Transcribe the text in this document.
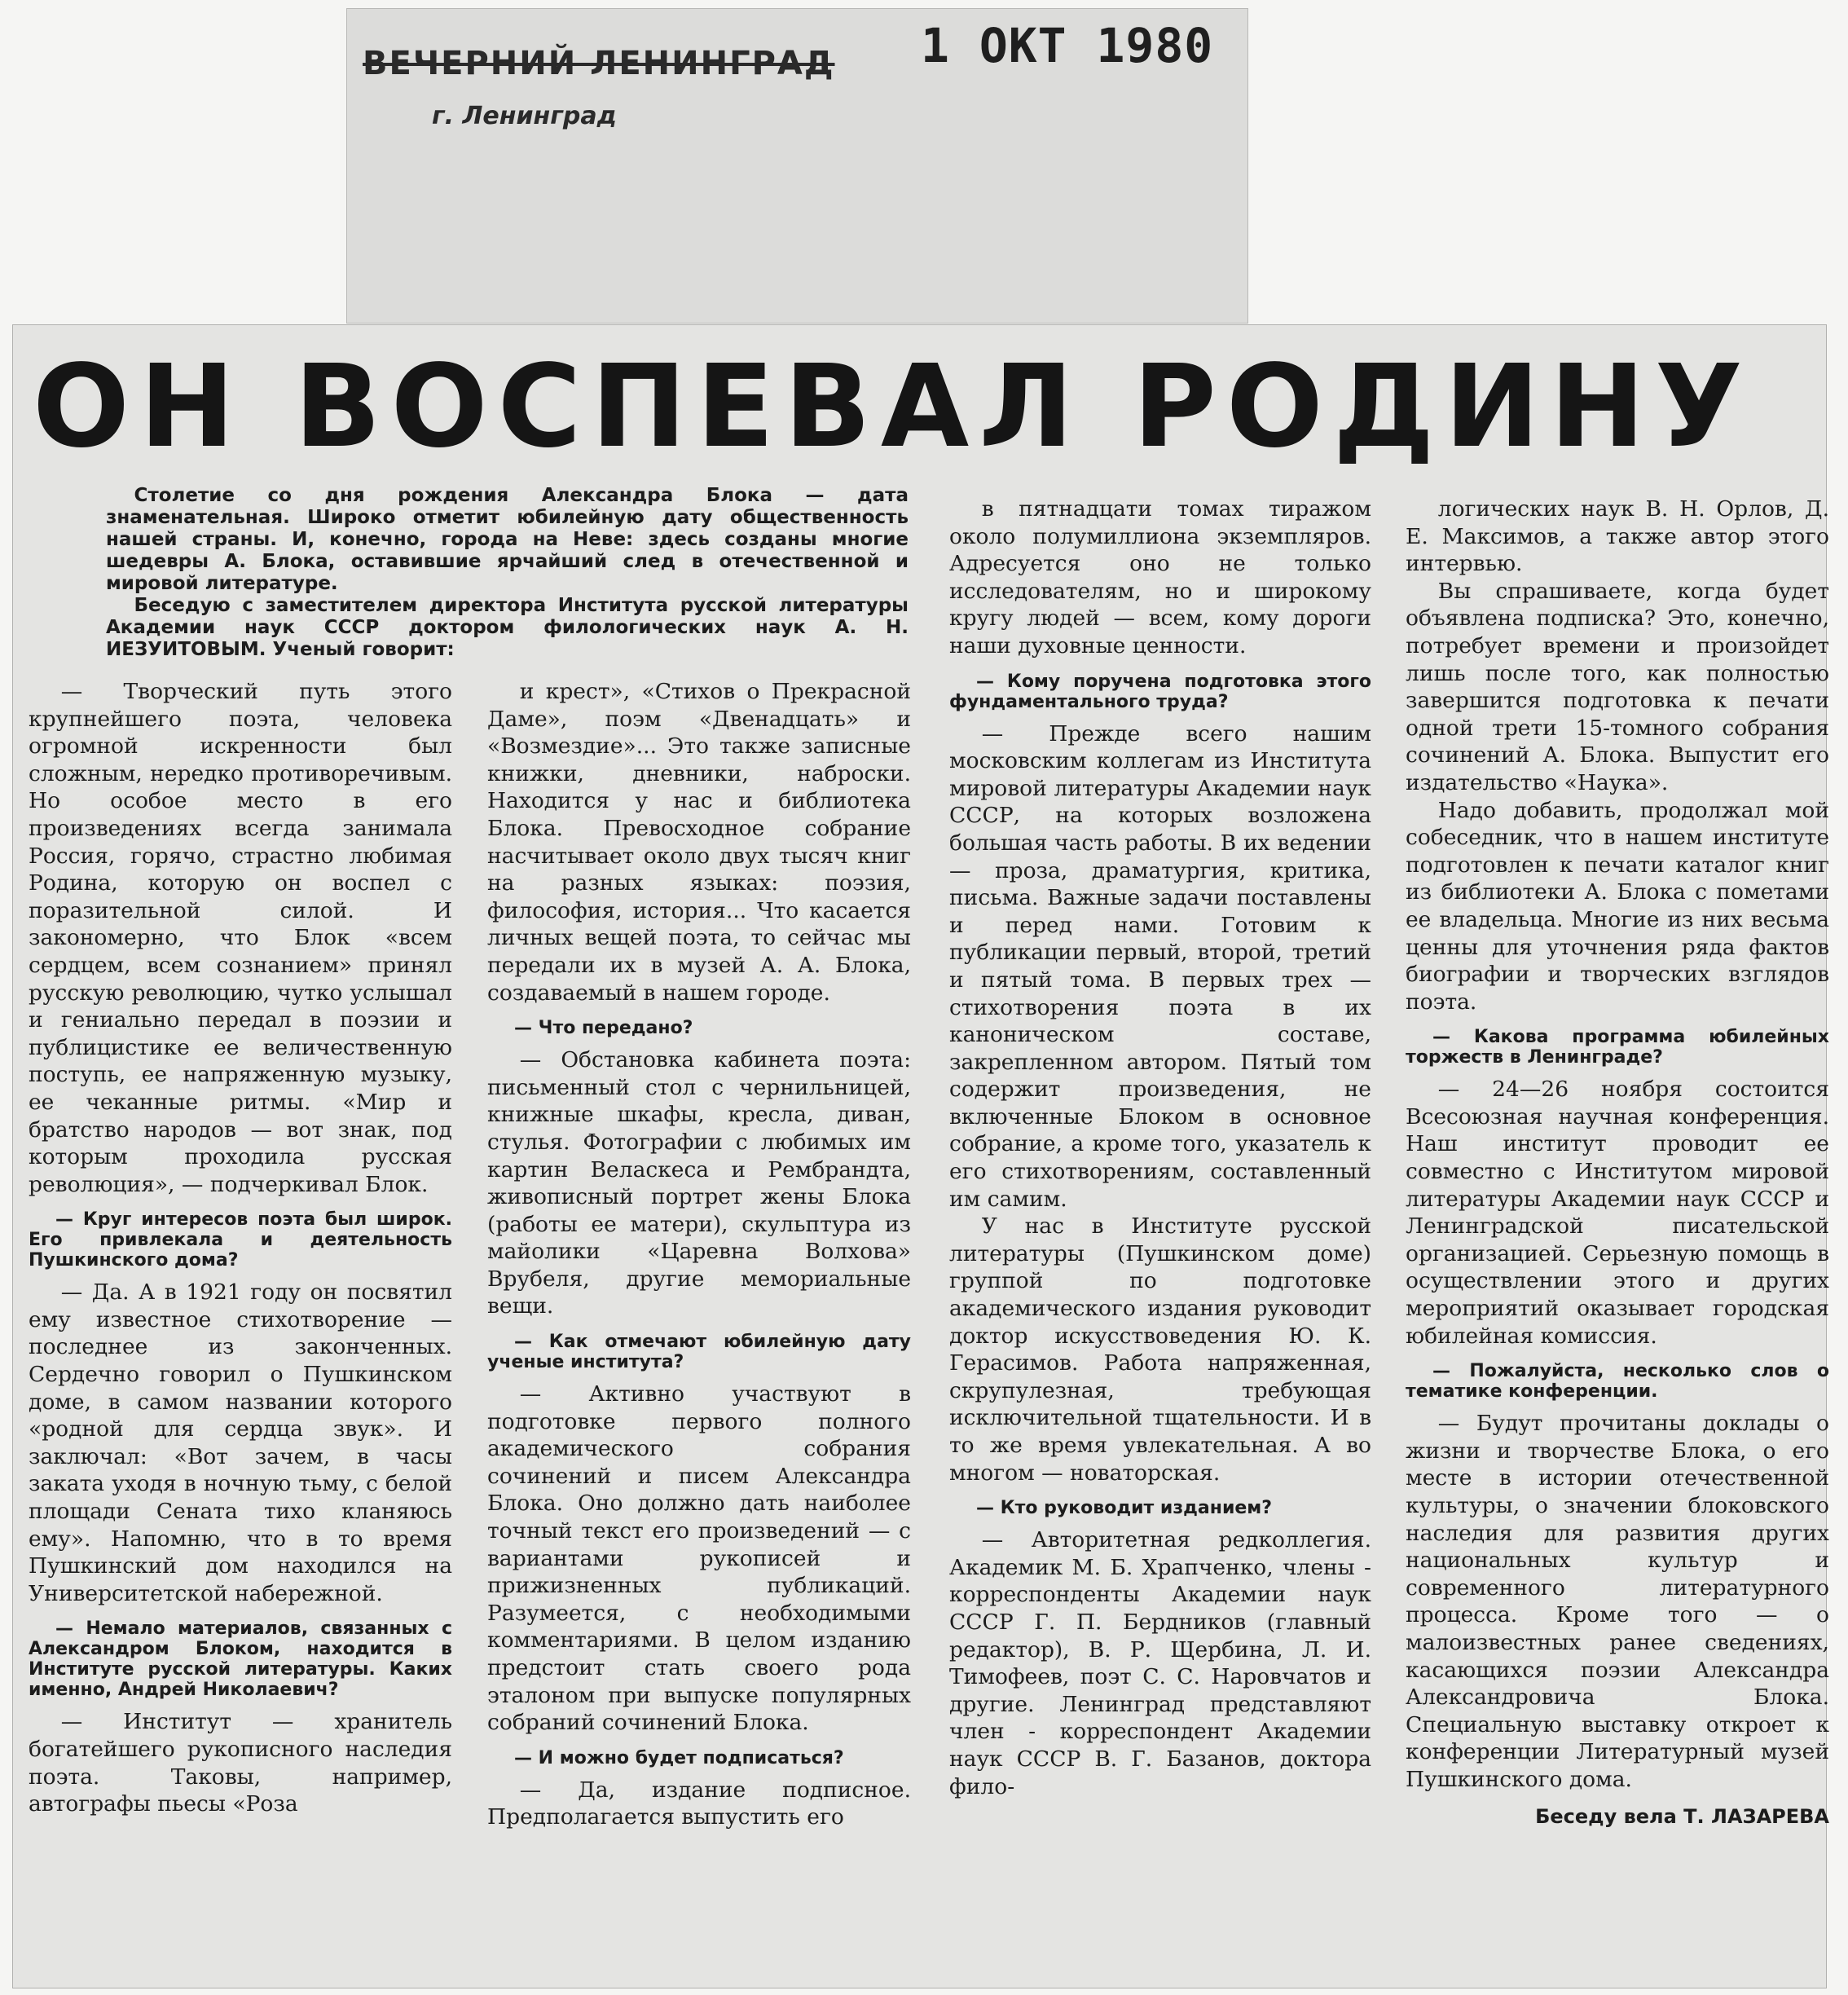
ВЕЧЕРНИЙ ЛЕНИНГРАД
г. Ленинград
1 ОКТ 1980
ОН ВОСПЕВАЛ РОДИНУ

Столетие со дня рождения Александра Блока — дата знаменательная. Широко отметит юбилейную дату общественность нашей страны. И, конечно, города на Неве: здесь созданы многие шедевры А. Блока, оставившие ярчайший след в отечественной и мировой литературе.

Беседую с заместителем директора Института русской литературы Академии наук СССР доктором филологических наук А. Н. ИЕЗУИТОВЫМ. Ученый говорит:

— Творческий путь этого крупнейшего поэта, человека огромной искренности был сложным, нередко противоречивым. Но особое место в его произведениях всегда занимала Россия, горячо, страстно любимая Родина, которую он воспел с поразительной силой. И закономерно, что Блок «всем сердцем, всем сознанием» принял русскую революцию, чутко услышал и гениально передал в поэзии и публицистике ее величественную поступь, ее напряженную музыку, ее чеканные ритмы. «Мир и братство народов — вот знак, под которым проходила русская революция», — подчеркивал Блок.

— Круг интересов поэта был широк. Его привлекала и деятельность Пушкинского дома?

— Да. А в 1921 году он посвятил ему известное стихотворение — последнее из законченных. Сердечно говорил о Пушкинском доме, в самом названии которого «родной для сердца звук». И заключал: «Вот зачем, в часы заката уходя в ночную тьму, с белой площади Сената тихо кланяюсь ему». Напомню, что в то время Пушкинский дом находился на Университетской набережной.

— Немало материалов, связанных с Александром Блоком, находится в Институте русской литературы. Каких именно, Андрей Николаевич?

— Институт — хранитель богатейшего рукописного наследия поэта. Таковы, например, автографы пьесы «Роза

и крест», «Стихов о Прекрасной Даме», поэм «Двенадцать» и «Возмездие»... Это также записные книжки, дневники, наброски. Находится у нас и библиотека Блока. Превосходное собрание насчитывает около двух тысяч книг на разных языках: поэзия, философия, история... Что касается личных вещей поэта, то сейчас мы передали их в музей А. А. Блока, создаваемый в нашем городе.

— Что передано?

— Обстановка кабинета поэта: письменный стол с чернильницей, книжные шкафы, кресла, диван, стулья. Фотографии с любимых им картин Веласкеса и Рембрандта, живописный портрет жены Блока (работы ее матери), скульптура из майолики «Царевна Волхова» Врубеля, другие мемориальные вещи.

— Как отмечают юбилейную дату ученые института?

— Активно участвуют в подготовке первого полного академического собрания сочинений и писем Александра Блока. Оно должно дать наиболее точный текст его произведений — с вариантами рукописей и прижизненных публикаций. Разумеется, с необходимыми комментариями. В целом изданию предстоит стать своего рода эталоном при выпуске популярных собраний сочинений Блока.

— И можно будет подписаться?

— Да, издание подписное. Предполагается выпустить его

в пятнадцати томах тиражом около полумиллиона экземпляров. Адресуется оно не только исследователям, но и широкому кругу людей — всем, кому дороги наши духовные ценности.

— Кому поручена подготовка этого фундаментального труда?

— Прежде всего нашим московским коллегам из Института мировой литературы Академии наук СССР, на которых возложена большая часть работы. В их ведении — проза, драматургия, критика, письма. Важные задачи поставлены и перед нами. Готовим к публикации первый, второй, третий и пятый тома. В первых трех — стихотворения поэта в их каноническом составе, закрепленном автором. Пятый том содержит произведения, не включенные Блоком в основное собрание, а кроме того, указатель к его стихотворениям, составленный им самим.

У нас в Институте русской литературы (Пушкинском доме) группой по подготовке академического издания руководит доктор искусствоведения Ю. К. Герасимов. Работа напряженная, скрупулезная, требующая исключительной тщательности. И в то же время увлекательная. А во многом — новаторская.

— Кто руководит изданием?

— Авторитетная редколлегия. Академик М. Б. Храпченко, члены - корреспонденты Академии наук СССР Г. П. Бердников (главный редактор), В. Р. Щербина, Л. И. Тимофеев, поэт С. С. Наровчатов и другие. Ленинград представляют член - корреспондент Академии наук СССР В. Г. Базанов, доктора фило-

логических наук В. Н. Орлов, Д. Е. Максимов, а также автор этого интервью.

Вы спрашиваете, когда будет объявлена подписка? Это, конечно, потребует времени и произойдет лишь после того, как полностью завершится подготовка к печати одной трети 15-томного собрания сочинений А. Блока. Выпустит его издательство «Наука».

Надо добавить, продолжал мой собеседник, что в нашем институте подготовлен к печати каталог книг из библиотеки А. Блока с пометами ее владельца. Многие из них весьма ценны для уточнения ряда фактов биографии и творческих взглядов поэта.

— Какова программа юбилейных торжеств в Ленинграде?

— 24—26 ноября состоится Всесоюзная научная конференция. Наш институт проводит ее совместно с Институтом мировой литературы Академии наук СССР и Ленинградской писательской организацией. Серьезную помощь в осуществлении этого и других мероприятий оказывает городская юбилейная комиссия.

— Пожалуйста, несколько слов о тематике конференции.

— Будут прочитаны доклады о жизни и творчестве Блока, о его месте в истории отечественной культуры, о значении блоковского наследия для развития других национальных культур и современного литературного процесса. Кроме того — о малоизвестных ранее сведениях, касающихся поэзии Александра Александровича Блока. Специальную выставку откроет к конференции Литературный музей Пушкинского дома.

Беседу вела Т. ЛАЗАРЕВА
